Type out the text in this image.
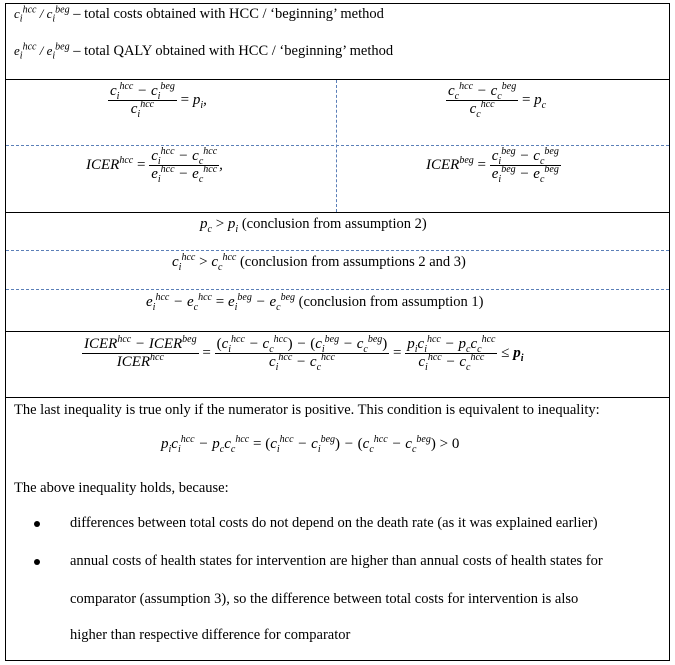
$c_i^{hcc} / c_i^{beg}$ – total costs obtained with HCC / ‘beginning’ method
$e_i^{hcc} / e_i^{beg}$ – total QALY obtained with HCC / ‘beginning’ method
$\frac{c_i^{hcc} - c_i^{beg}}{c_i^{hcc}} = p_i$,	$\frac{c_c^{hcc} - c_c^{beg}}{c_c^{hcc}} = p_c$
$ICER^{hcc} = \frac{c_i^{hcc} - c_c^{hcc}}{e_i^{hcc} - e_c^{hcc}}$ ,	$ICER^{beg} = \frac{c_i^{beg} - c_c^{beg}}{e_i^{beg} - e_c^{beg}}$
$p_c > p_i$ (conclusion from assumption 2)
$c_i^{hcc} > c_c^{hcc}$ (conclusion from assumptions 2 and 3)
$e_i^{hcc} - e_c^{hcc} = e_i^{beg} - e_c^{beg}$ (conclusion from assumption 1)
$\frac{ICER^{hcc} - ICER^{beg}}{ICER^{hcc}} = \frac{(c_i^{hcc} - c_c^{hcc}) - (c_i^{beg} - c_c^{beg})}{c_i^{hcc} - c_c^{hcc}} = \frac{p_ic_i^{hcc} - p_cc_c^{hcc}}{c_i^{hcc} - c_c^{hcc}} \le p_i$
The last inequality is true only if the numerator is positive. This condition is equivalent to inequality:
$p_ic_i^{hcc} - p_cc_c^{hcc} = (c_i^{hcc} - c_i^{beg}) - (c_c^{hcc} - c_c^{beg}) > 0$
The above inequality holds, because:
differences between total costs do not depend on the death rate (as it was explained earlier)
annual costs of health states for intervention are higher than annual costs of health states for
comparator (assumption 3), so the difference between total costs for intervention is also
higher than respective difference for comparator
